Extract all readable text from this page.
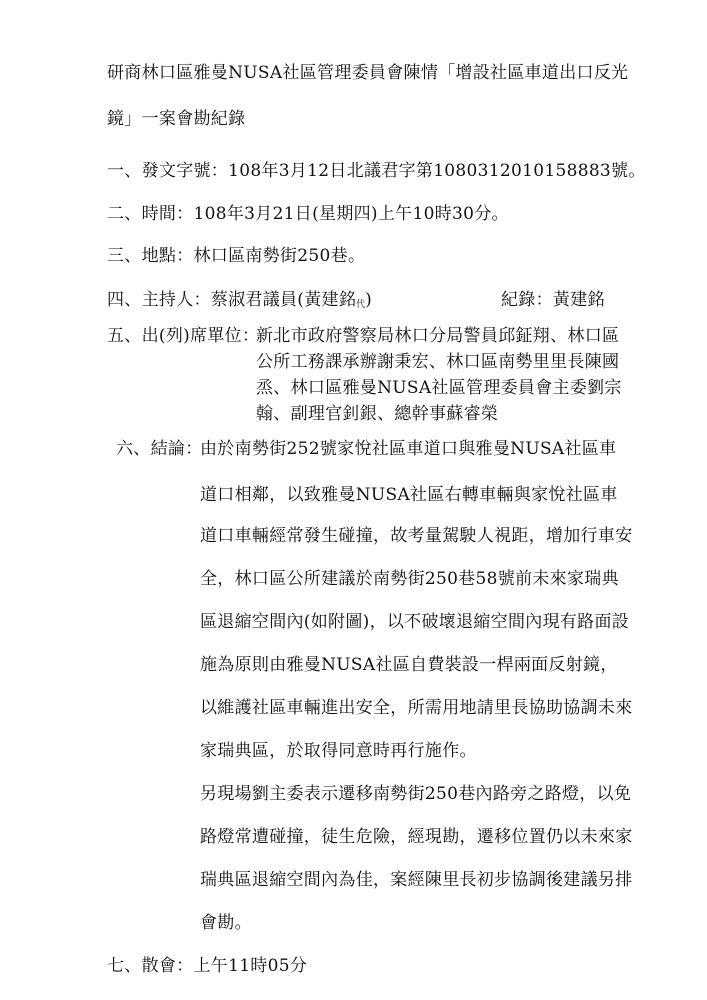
研商林口區雅曼NUSA社區管理委員會陳情「增設社區車道出口反光
鏡」一案會勘紀錄
一、發文字號：108年3月12日北議君字第1080312010158883號。
二、時間：108年3月21日(星期四)上午10時30分。
三、地點：林口區南勢街250巷。
四、主持人：蔡淑君議員(黃建銘代)	紀錄：黃建銘
五、出(列)席單位：
新北市政府警察局林口分局警員邱鉦翔、林口區
公所工務課承辦謝秉宏、林口區南勢里里長陳國
烝、林口區雅曼NUSA社區管理委員會主委劉宗
翰、副理官釗銀、總幹事蘇睿榮
六、結論：
由於南勢街252號家悅社區車道口與雅曼NUSA社區車
道口相鄰，以致雅曼NUSA社區右轉車輛與家悅社區車
道口車輛經常發生碰撞，故考量駕駛人視距，增加行車安
全，林口區公所建議於南勢街250巷58號前未來家瑞典
區退縮空間內(如附圖)，以不破壞退縮空間內現有路面設
施為原則由雅曼NUSA社區自費裝設一桿兩面反射鏡，
以維護社區車輛進出安全，所需用地請里長協助協調未來
家瑞典區，於取得同意時再行施作。
另現場劉主委表示遷移南勢街250巷內路旁之路燈，以免
路燈常遭碰撞，徒生危險，經現勘，遷移位置仍以未來家
瑞典區退縮空間內為佳，案經陳里長初步協調後建議另排
會勘。
七、散會：上午11時05分
